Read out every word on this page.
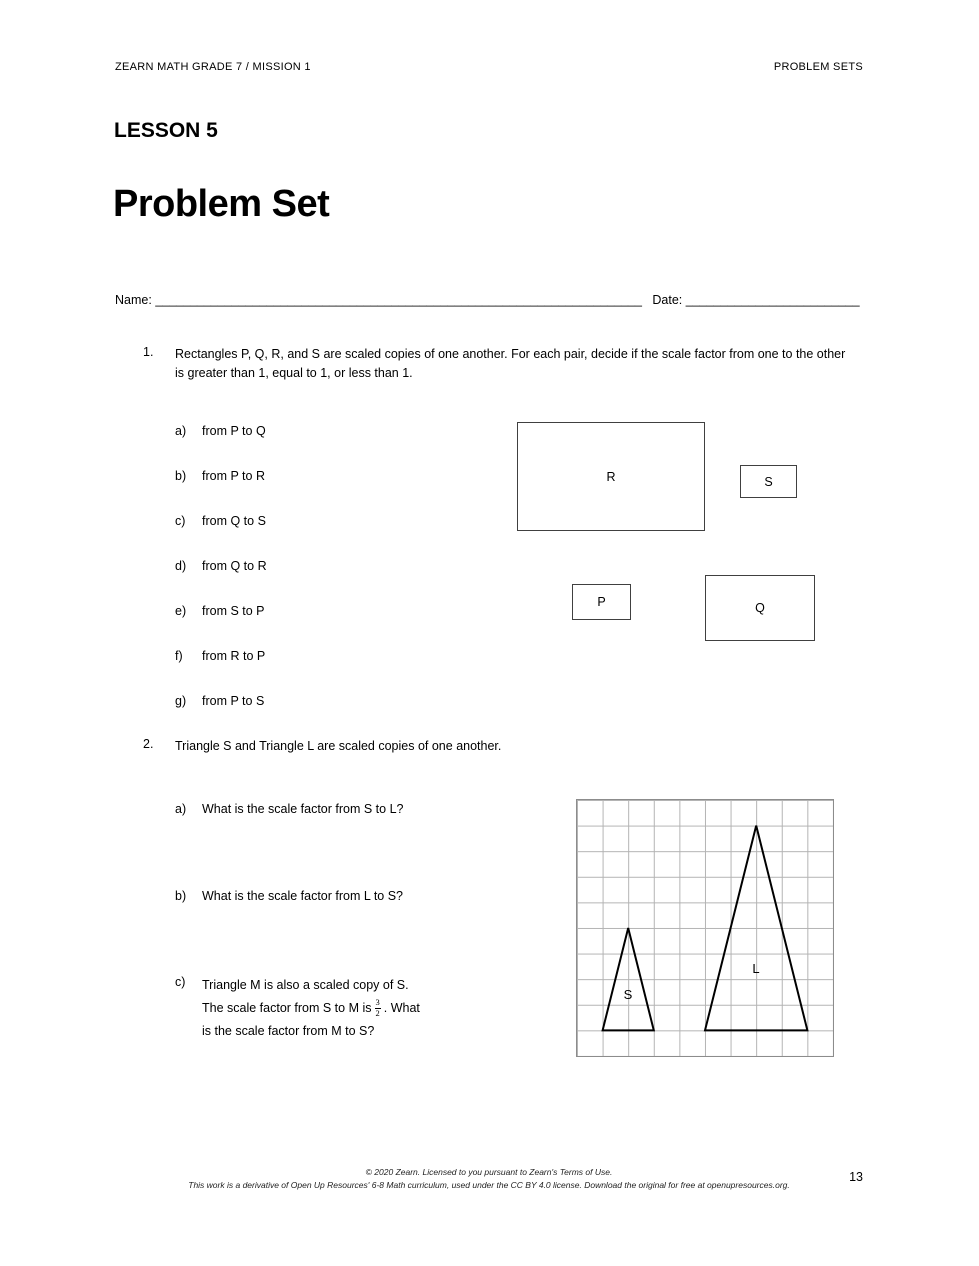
ZEARN MATH GRADE 7 / MISSION 1	PROBLEM SETS
LESSON 5
Problem Set
Name: ______________________________________________________________________ Date: _________________________
1. Rectangles P, Q, R, and S are scaled copies of one another. For each pair, decide if the scale factor from one to the other is greater than 1, equal to 1, or less than 1.
a)	from P to Q
b)	from P to R
c)	from Q to S
d)	from Q to R
e)	from S to P
f)	from R to P
g)	from P to S
R	S
P	Q
2. Triangle S and Triangle L are scaled copies of one another.
a)	What is the scale factor from S to L?
b)	What is the scale factor from L to S?
c)	Triangle M is also a scaled copy of S.
The scale factor from S to M is $\frac{3}{2}$ . What
is the scale factor from M to S?
S
L
© 2020 Zearn. Licensed to you pursuant to Zearn's Terms of Use.
This work is a derivative of Open Up Resources' 6-8 Math curriculum, used under the CC BY 4.0 license. Download the original for free at openupresources.org.
13
